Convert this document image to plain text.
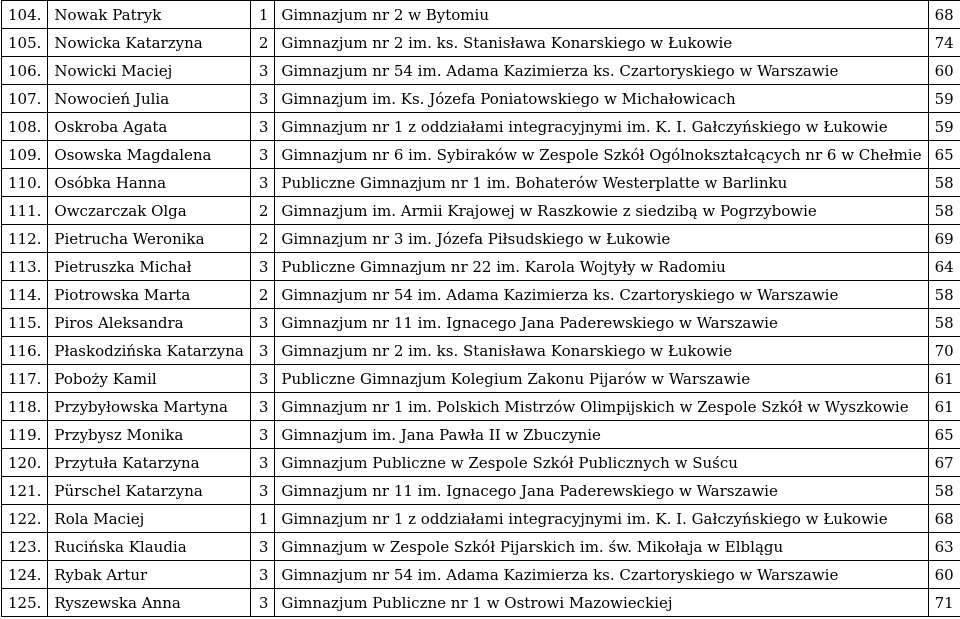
104.	Nowak Patryk	1	Gimnazjum nr 2 w Bytomiu	68
105.	Nowicka Katarzyna	2	Gimnazjum nr 2 im. ks. Stanisława Konarskiego w Łukowie	74
106.	Nowicki Maciej	3	Gimnazjum nr 54 im. Adama Kazimierza ks. Czartoryskiego w Warszawie	60
107.	Nowocień Julia	3	Gimnazjum im. Ks. Józefa Poniatowskiego w Michałowicach	59
108.	Oskroba Agata	3	Gimnazjum nr 1 z oddziałami integracyjnymi im. K. I. Gałczyńskiego w Łukowie	59
109.	Osowska Magdalena	3	Gimnazjum nr 6 im. Sybiraków w Zespole Szkół Ogólnokształcących nr 6 w Chełmie	65
110.	Osóbka Hanna	3	Publiczne Gimnazjum nr 1 im. Bohaterów Westerplatte w Barlinku	58
111.	Owczarczak Olga	2	Gimnazjum im. Armii Krajowej w Raszkowie z siedzibą w Pogrzybowie	58
112.	Pietrucha Weronika	2	Gimnazjum nr 3 im. Józefa Piłsudskiego w Łukowie	69
113.	Pietruszka Michał	3	Publiczne Gimnazjum nr 22 im. Karola Wojtyły w Radomiu	64
114.	Piotrowska Marta	2	Gimnazjum nr 54 im. Adama Kazimierza ks. Czartoryskiego w Warszawie	58
115.	Piros Aleksandra	3	Gimnazjum nr 11 im. Ignacego Jana Paderewskiego w Warszawie	58
116.	Płaskodzińska Katarzyna	3	Gimnazjum nr 2 im. ks. Stanisława Konarskiego w Łukowie	70
117.	Poboży Kamil	3	Publiczne Gimnazjum Kolegium Zakonu Pijarów w Warszawie	61
118.	Przybyłowska Martyna	3	Gimnazjum nr 1 im. Polskich Mistrzów Olimpijskich w Zespole Szkół w Wyszkowie	61
119.	Przybysz Monika	3	Gimnazjum im. Jana Pawła II w Zbuczynie	65
120.	Przytuła Katarzyna	3	Gimnazjum Publiczne w Zespole Szkół Publicznych w Suścu	67
121.	Pürschel Katarzyna	3	Gimnazjum nr 11 im. Ignacego Jana Paderewskiego w Warszawie	58
122.	Rola Maciej	1	Gimnazjum nr 1 z oddziałami integracyjnymi im. K. I. Gałczyńskiego w Łukowie	68
123.	Rucińska Klaudia	3	Gimnazjum w Zespole Szkół Pijarskich im. św. Mikołaja w Elblągu	63
124.	Rybak Artur	3	Gimnazjum nr 54 im. Adama Kazimierza ks. Czartoryskiego w Warszawie	60
125.	Ryszewska Anna	3	Gimnazjum Publiczne nr 1 w Ostrowi Mazowieckiej	71
